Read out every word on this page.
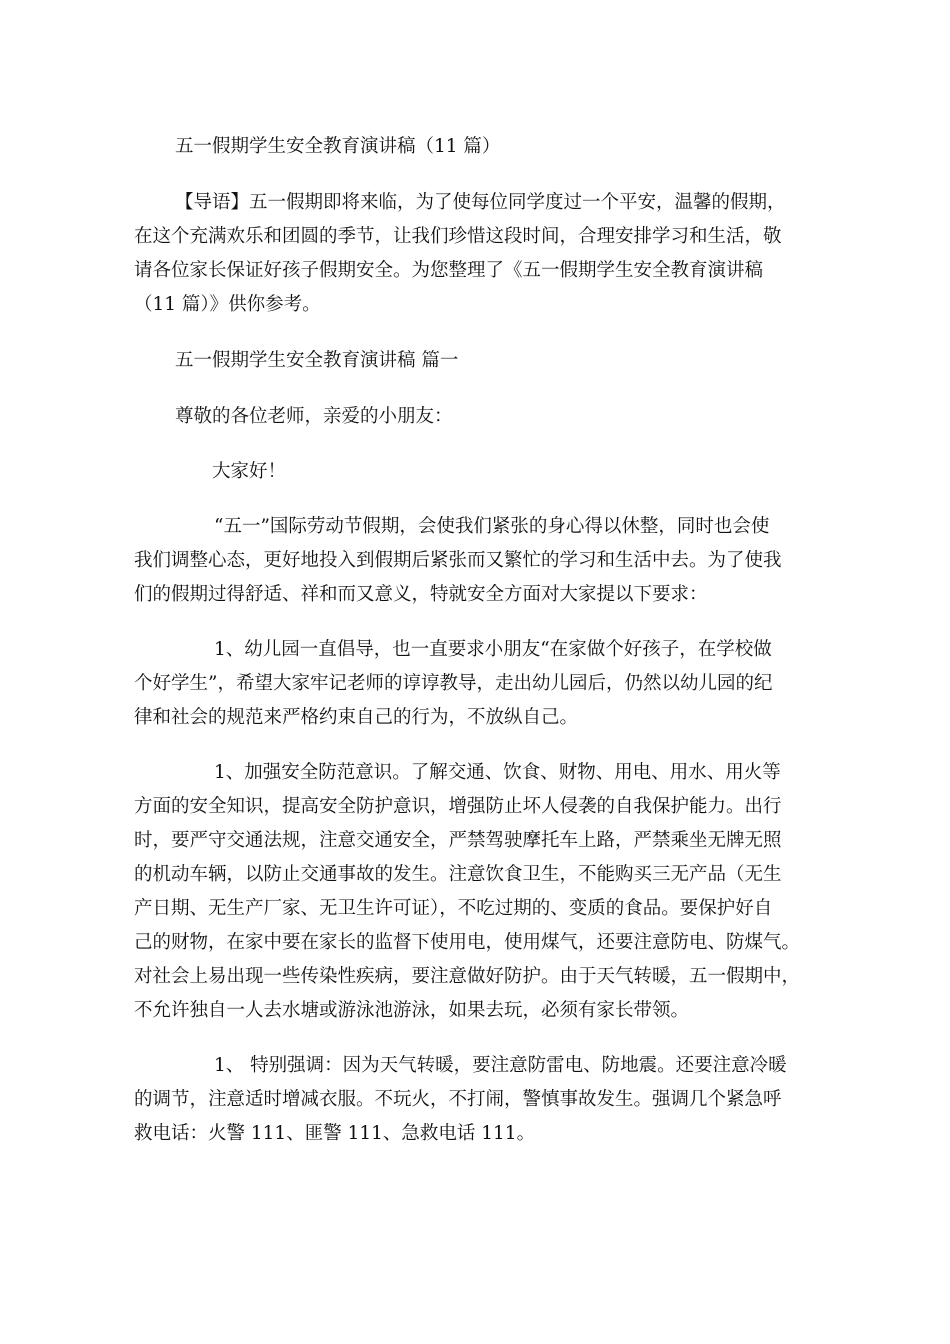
五一假期学生安全教育演讲稿（11 篇）
【导语】五一假期即将来临，为了使每位同学度过一个平安，温馨的假期，
在这个充满欢乐和团圆的季节，让我们珍惜这段时间，合理安排学习和生活，敬
请各位家长保证好孩子假期安全。为您整理了《五一假期学生安全教育演讲稿
（11 篇）》供你参考。
五一假期学生安全教育演讲稿 篇一
尊敬的各位老师，亲爱的小朋友：
大家好！
“五一”国际劳动节假期，会使我们紧张的身心得以休整，同时也会使
我们调整心态，更好地投入到假期后紧张而又繁忙的学习和生活中去。为了使我
们的假期过得舒适、祥和而又意义，特就安全方面对大家提以下要求：
1、幼儿园一直倡导，也一直要求小朋友“在家做个好孩子，在学校做
个好学生”，希望大家牢记老师的谆谆教导，走出幼儿园后，仍然以幼儿园的纪
律和社会的规范来严格约束自己的行为，不放纵自己。
1、加强安全防范意识。了解交通、饮食、财物、用电、用水、用火等
方面的安全知识，提高安全防护意识，增强防止坏人侵袭的自我保护能力。出行
时，要严守交通法规，注意交通安全，严禁驾驶摩托车上路，严禁乘坐无牌无照
的机动车辆，以防止交通事故的发生。注意饮食卫生，不能购买三无产品（无生
产日期、无生产厂家、无卫生许可证），不吃过期的、变质的食品。要保护好自
己的财物，在家中要在家长的监督下使用电，使用煤气，还要注意防电、防煤气。
对社会上易出现一些传染性疾病，要注意做好防护。由于天气转暖，五一假期中，
不允许独自一人去水塘或游泳池游泳，如果去玩，必须有家长带领。
1、 特别强调：因为天气转暖，要注意防雷电、防地震。还要注意冷暖
的调节，注意适时增减衣服。不玩火，不打闹，警慎事故发生。强调几个紧急呼
救电话：火警 111、匪警 111、急救电话 111。
